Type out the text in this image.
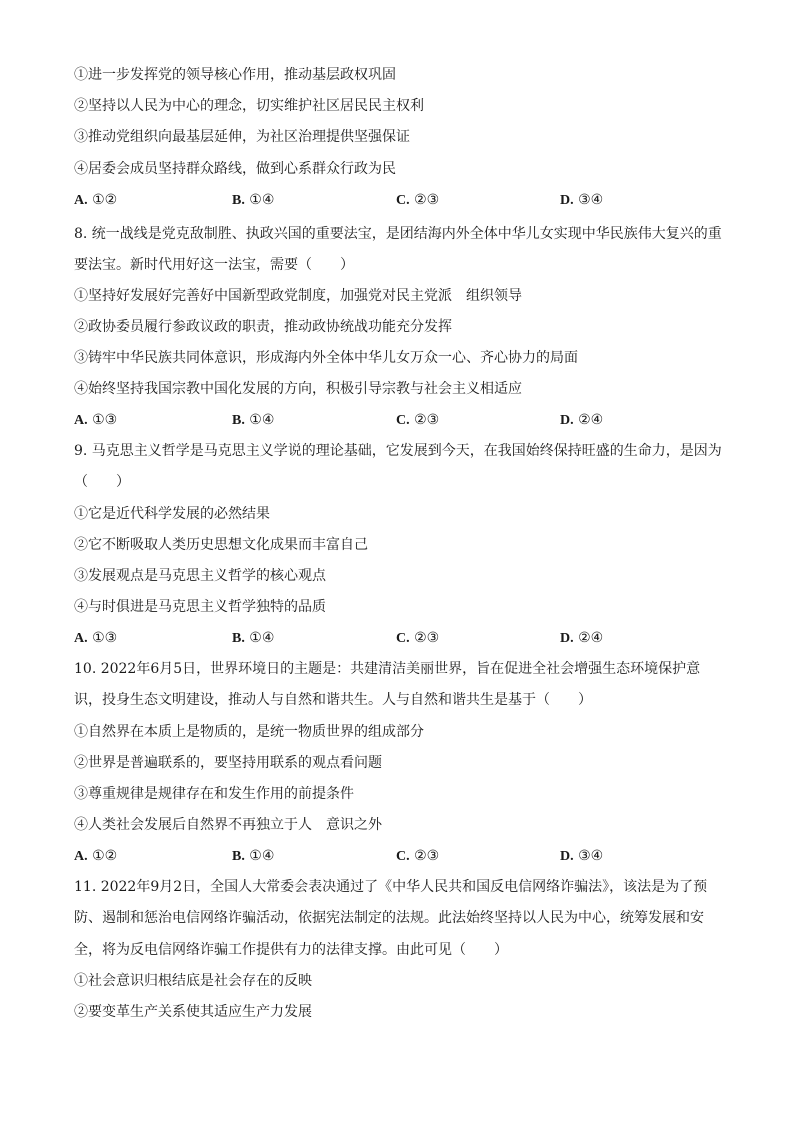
①进一步发挥党的领导核心作用，推动基层政权巩固
②坚持以人民为中心的理念，切实维护社区居民民主权利
③推动党组织向最基层延伸，为社区治理提供坚强保证
④居委会成员坚持群众路线，做到心系群众行政为民
A. ①②	B. ①④	C. ②③	D. ③④
8. 统一战线是党克敌制胜、执政兴国的重要法宝，是团结海内外全体中华儿女实现中华民族伟大复兴的重
要法宝。新时代用好这一法宝，需要（　　）
①坚持好发展好完善好中国新型政党制度，加强党对民主党派　组织领导
②政协委员履行参政议政的职责，推动政协统战功能充分发挥
③铸牢中华民族共同体意识，形成海内外全体中华儿女万众一心、齐心协力的局面
④始终坚持我国宗教中国化发展的方向，积极引导宗教与社会主义相适应
A. ①③	B. ①④	C. ②③	D. ②④
9. 马克思主义哲学是马克思主义学说的理论基础，它发展到今天，在我国始终保持旺盛的生命力，是因为
（　　）
①它是近代科学发展的必然结果
②它不断吸取人类历史思想文化成果而丰富自己
③发展观点是马克思主义哲学的核心观点
④与时俱进是马克思主义哲学独特的品质
A. ①③	B. ①④	C. ②③	D. ②④
10. 2022年6月5日，世界环境日的主题是：共建清洁美丽世界，旨在促进全社会增强生态环境保护意
识，投身生态文明建设，推动人与自然和谐共生。人与自然和谐共生是基于（　　）
①自然界在本质上是物质的，是统一物质世界的组成部分
②世界是普遍联系的，要坚持用联系的观点看问题
③尊重规律是规律存在和发生作用的前提条件
④人类社会发展后自然界不再独立于人　意识之外
A. ①②	B. ①④	C. ②③	D. ③④
11. 2022年9月2日，全国人大常委会表决通过了《中华人民共和国反电信网络诈骗法》，该法是为了预
防、遏制和惩治电信网络诈骗活动，依据宪法制定的法规。此法始终坚持以人民为中心，统筹发展和安
全，将为反电信网络诈骗工作提供有力的法律支撑。由此可见（　　）
①社会意识归根结底是社会存在的反映
②要变革生产关系使其适应生产力发展
